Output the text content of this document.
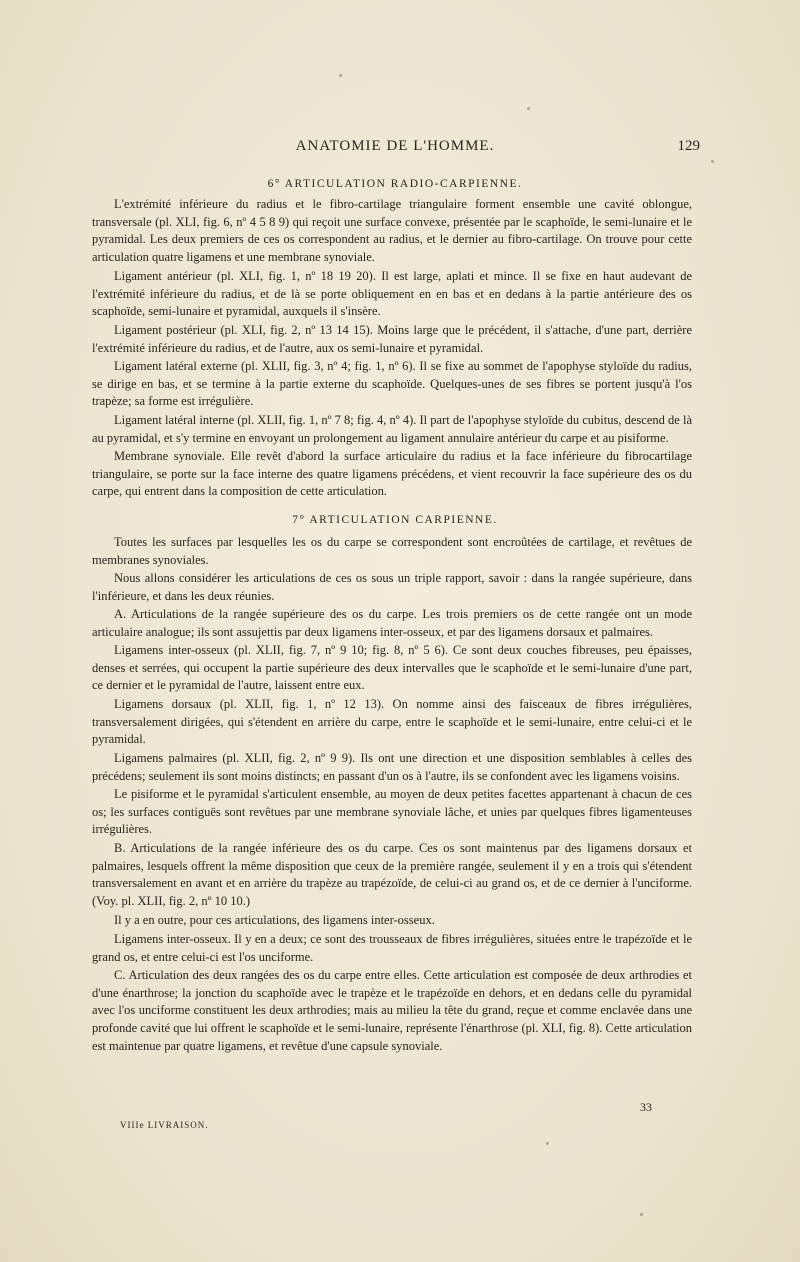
ANATOMIE DE L'HOMME.	129
6° ARTICULATION RADIO-CARPIENNE.

L'extrémité inférieure du radius et le fibro-cartilage triangulaire forment ensemble une cavité oblongue, transversale (pl. XLI, fig. 6, nº 4 5 8 9) qui reçoit une surface convexe, présentée par le scaphoïde, le semi-lunaire et le pyramidal. Les deux premiers de ces os correspondent au radius, et le dernier au fibro-cartilage. On trouve pour cette articulation quatre ligamens et une membrane synoviale.

Ligament antérieur (pl. XLI, fig. 1, nº 18 19 20). Il est large, aplati et mince. Il se fixe en haut audevant de l'extrémité inférieure du radius, et de là se porte obliquement en en bas et en dedans à la partie antérieure des os scaphoïde, semi-lunaire et pyramidal, auxquels il s'insère.

Ligament postérieur (pl. XLI, fig. 2, nº 13 14 15). Moins large que le précédent, il s'attache, d'une part, derrière l'extrémité inférieure du radius, et de l'autre, aux os semi-lunaire et pyramidal.

Ligament latéral externe (pl. XLII, fig. 3, nº 4; fig. 1, nº 6). Il se fixe au sommet de l'apophyse styloïde du radius, se dirige en bas, et se termine à la partie externe du scaphoïde. Quelques-unes de ses fibres se portent jusqu'à l'os trapèze; sa forme est irrégulière.

Ligament latéral interne (pl. XLII, fig. 1, nº 7 8; fig. 4, nº 4). Il part de l'apophyse styloïde du cubitus, descend de là au pyramidal, et s'y termine en envoyant un prolongement au ligament annulaire antérieur du carpe et au pisiforme.

Membrane synoviale. Elle revêt d'abord la surface articulaire du radius et la face inférieure du fibrocartilage triangulaire, se porte sur la face interne des quatre ligamens précédens, et vient recouvrir la face supérieure des os du carpe, qui entrent dans la composition de cette articulation.

7° ARTICULATION CARPIENNE.

Toutes les surfaces par lesquelles les os du carpe se correspondent sont encroûtées de cartilage, et revêtues de membranes synoviales.

Nous allons considérer les articulations de ces os sous un triple rapport, savoir : dans la rangée supérieure, dans l'inférieure, et dans les deux réunies.

A. Articulations de la rangée supérieure des os du carpe. Les trois premiers os de cette rangée ont un mode articulaire analogue; ils sont assujettis par deux ligamens inter-osseux, et par des ligamens dorsaux et palmaires.

Ligamens inter-osseux (pl. XLII, fig. 7, nº 9 10; fig. 8, nº 5 6). Ce sont deux couches fibreuses, peu épaisses, denses et serrées, qui occupent la partie supérieure des deux intervalles que le scaphoïde et le semi-lunaire d'une part, ce dernier et le pyramidal de l'autre, laissent entre eux.

Ligamens dorsaux (pl. XLII, fig. 1, nº 12 13). On nomme ainsi des faisceaux de fibres irrégulières, transversalement dirigées, qui s'étendent en arrière du carpe, entre le scaphoïde et le semi-lunaire, entre celui-ci et le pyramidal.

Ligamens palmaires (pl. XLII, fig. 2, nº 9 9). Ils ont une direction et une disposition semblables à celles des précédens; seulement ils sont moins distincts; en passant d'un os à l'autre, ils se confondent avec les ligamens voisins.

Le pisiforme et le pyramidal s'articulent ensemble, au moyen de deux petites facettes appartenant à chacun de ces os; les surfaces contiguës sont revêtues par une membrane synoviale lâche, et unies par quelques fibres ligamenteuses irrégulières.

B. Articulations de la rangée inférieure des os du carpe. Ces os sont maintenus par des ligamens dorsaux et palmaires, lesquels offrent la même disposition que ceux de la première rangée, seulement il y en a trois qui s'étendent transversalement en avant et en arrière du trapèze au trapézoïde, de celui-ci au grand os, et de ce dernier à l'unciforme. (Voy. pl. XLII, fig. 2, nº 10 10.)

Il y a en outre, pour ces articulations, des ligamens inter-osseux.

Ligamens inter-osseux. Il y en a deux; ce sont des trousseaux de fibres irrégulières, situées entre le trapézoïde et le grand os, et entre celui-ci est l'os unciforme.

C. Articulation des deux rangées des os du carpe entre elles. Cette articulation est composée de deux arthrodies et d'une énarthrose; la jonction du scaphoïde avec le trapèze et le trapézoïde en dehors, et en dedans celle du pyramidal avec l'os unciforme constituent les deux arthrodies; mais au milieu la tête du grand, reçue et comme enclavée dans une profonde cavité que lui offrent le scaphoïde et le semi-lunaire, représente l'énarthrose (pl. XLI, fig. 8). Cette articulation est maintenue par quatre ligamens, et revêtue d'une capsule synoviale.

33
VIIIe LIVRAISON.
